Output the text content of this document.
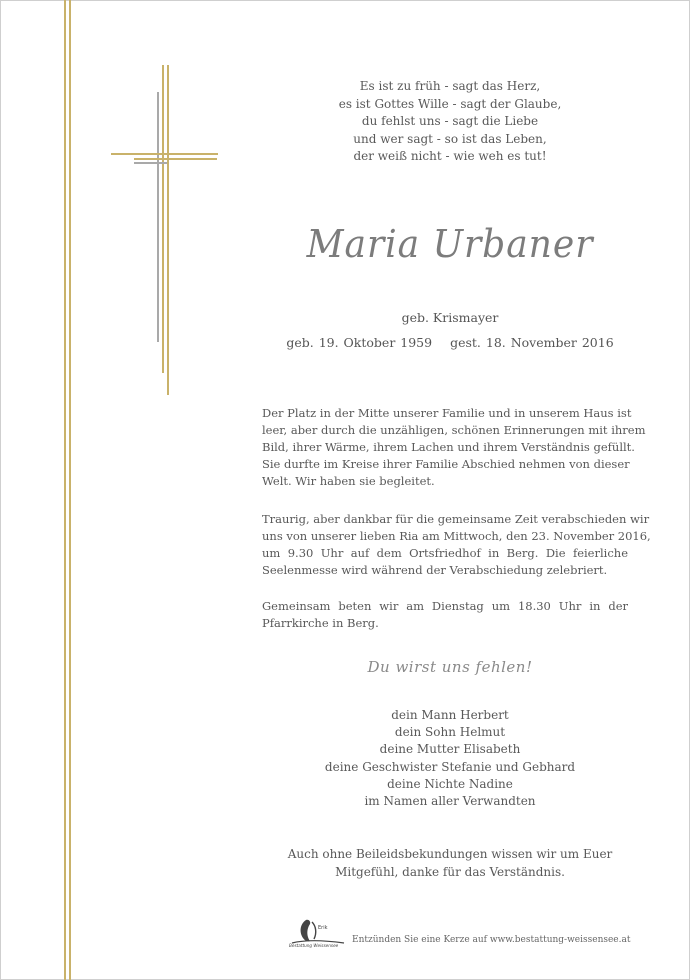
Es ist zu früh - sagt das Herz,
es ist Gottes Wille - sagt der Glaube,
du fehlst uns - sagt die Liebe
und wer sagt - so ist das Leben,
der weiß nicht - wie weh es tut!
Maria Urbaner
geb. Krismayer
geb. 19. Oktober 1959 gest. 18. November 2016
Der Platz in der Mitte unserer Familie und in unserem Haus ist
leer, aber durch die unzähligen, schönen Erinnerungen mit ihrem
Bild, ihrer Wärme, ihrem Lachen und ihrem Verständnis gefüllt.
Sie durfte im Kreise ihrer Familie Abschied nehmen von dieser
Welt. Wir haben sie begleitet.
Traurig, aber dankbar für die gemeinsame Zeit verabschieden wir
uns von unserer lieben Ria am Mittwoch, den 23. November 2016,
um 9.30 Uhr auf dem Ortsfriedhof in Berg. Die feierliche
Seelenmesse wird während der Verabschiedung zelebriert.
Gemeinsam beten wir am Dienstag um 18.30 Uhr in der
Pfarrkirche in Berg.
Du wirst uns fehlen!
dein Mann Herbert
dein Sohn Helmut
deine Mutter Elisabeth
deine Geschwister Stefanie und Gebhard
deine Nichte Nadine
im Namen aller Verwandten
Auch ohne Beileidsbekundungen wissen wir um Euer
Mitgefühl, danke für das Verständnis.
Erik
Bestattung Weissensee
Entzünden Sie eine Kerze auf www.bestattung-weissensee.at
